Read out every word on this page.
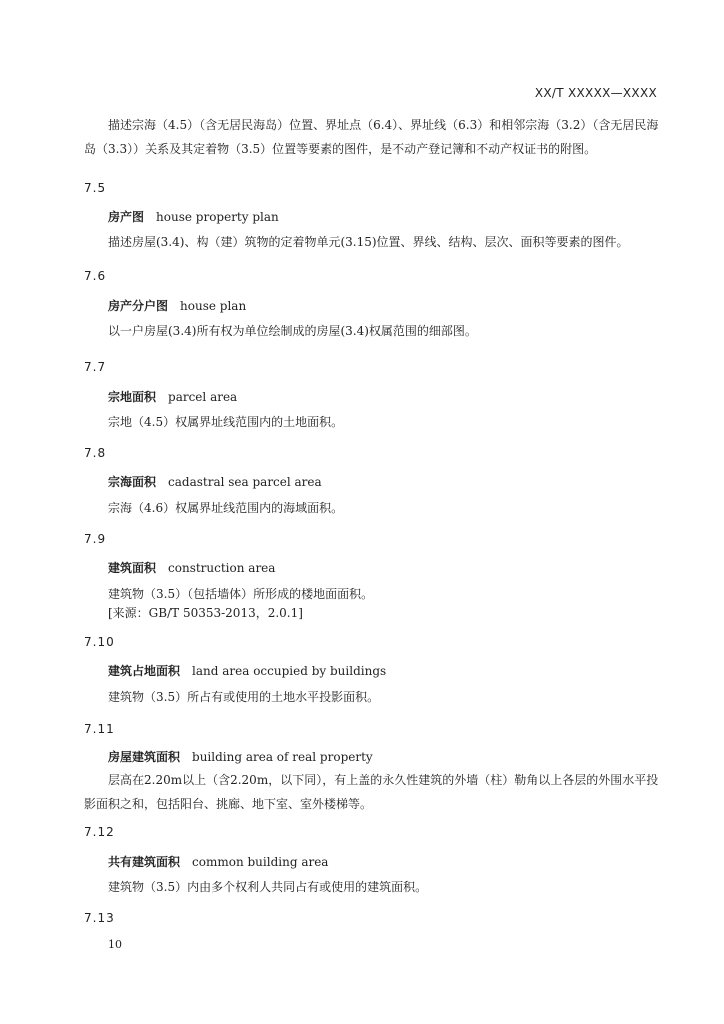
XX/T XXXXX—XXXX
描述宗海（4.5）（含无居民海岛）位置、界址点（6.4）、界址线（6.3）和相邻宗海（3.2）（含无居民海岛（3.3））关系及其定着物（3.5）位置等要素的图件，是不动产登记簿和不动产权证书的附图。
7.5
房产图 house property plan
描述房屋(3.4)、构（建）筑物的定着物单元(3.15)位置、界线、结构、层次、面积等要素的图件。
7.6
房产分户图 house plan
以一户房屋(3.4)所有权为单位绘制成的房屋(3.4)权属范围的细部图。
7.7
宗地面积 parcel area
宗地（4.5）权属界址线范围内的土地面积。
7.8
宗海面积 cadastral sea parcel area
宗海（4.6）权属界址线范围内的海域面积。
7.9
建筑面积 construction area
建筑物（3.5）（包括墙体）所形成的楼地面面积。
[来源：GB/T 50353-2013，2.0.1]
7.10
建筑占地面积 land area occupied by buildings
建筑物（3.5）所占有或使用的土地水平投影面积。
7.11
房屋建筑面积 building area of real property
层高在2.20m以上（含2.20m，以下同），有上盖的永久性建筑的外墙（柱）勒角以上各层的外围水平投影面积之和，包括阳台、挑廊、地下室、室外楼梯等。
7.12
共有建筑面积 common building area
建筑物（3.5）内由多个权利人共同占有或使用的建筑面积。
7.13
10
